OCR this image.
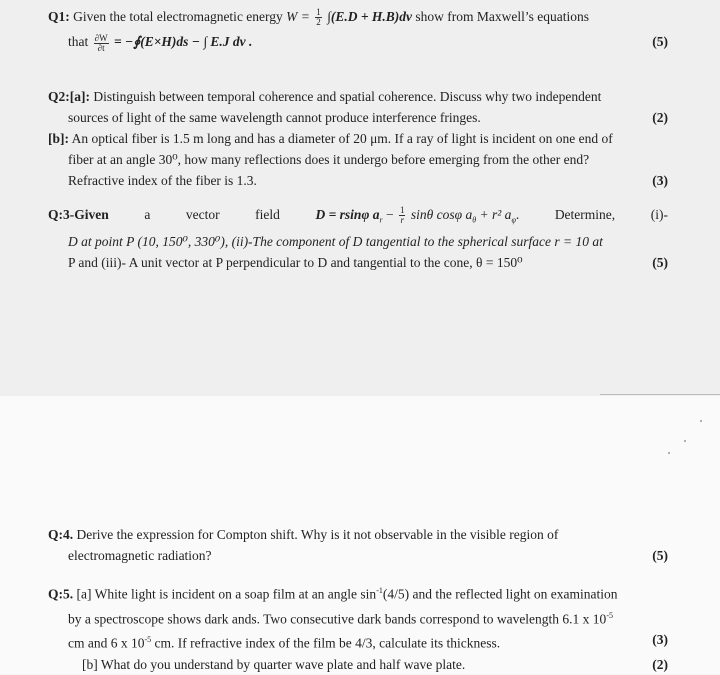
Q1: Given the total electromagnetic energy $W = \frac{1}{2} \int(E.D + H.B)dv$ show from Maxwell’s equations
that $\frac{\partial W}{\partial t}$ = −∮(E×H)ds − ∫ E.J dv .	(5)
Q2:[a]: Distinguish between temporal coherence and spatial coherence. Discuss why two independent
sources of light of the same wavelength cannot produce interference fringes.	(2)
[b]: An optical fiber is 1.5 m long and has a diameter of 20 μm. If a ray of light is incident on one end of
fiber at an angle 30⁰, how many reflections does it undergo before emerging from the other end?
Refractive index of the fiber is 1.3.	(3)
Q:3-Given	a	vector	field	D = rsinφ $a_r - \frac{1}{r}$ sinθ cosφ $a_\theta + r^2$ $a_\varphi$.	Determine,	(i)-
D at point P (10, 150⁰, 330⁰), (ii)-The component of D tangential to the spherical surface r = 10 at
P and (iii)- A unit vector at P perpendicular to D and tangential to the cone, θ = 150⁰	(5)
Q:4. Derive the expression for Compton shift. Why is it not observable in the visible region of
electromagnetic radiation?	(5)
Q:5. [a] White light is incident on a soap film at an angle $\sin^{-1}(4/5)$ and the reflected light on examination
by a spectroscope shows dark ands. Two consecutive dark bands correspond to wavelength 6.1 x $10^{-5}$
cm and 6 x $10^{-5}$ cm. If refractive index of the film be 4/3, calculate its thickness.	(3)
[b] What do you understand by quarter wave plate and half wave plate.	(2)
